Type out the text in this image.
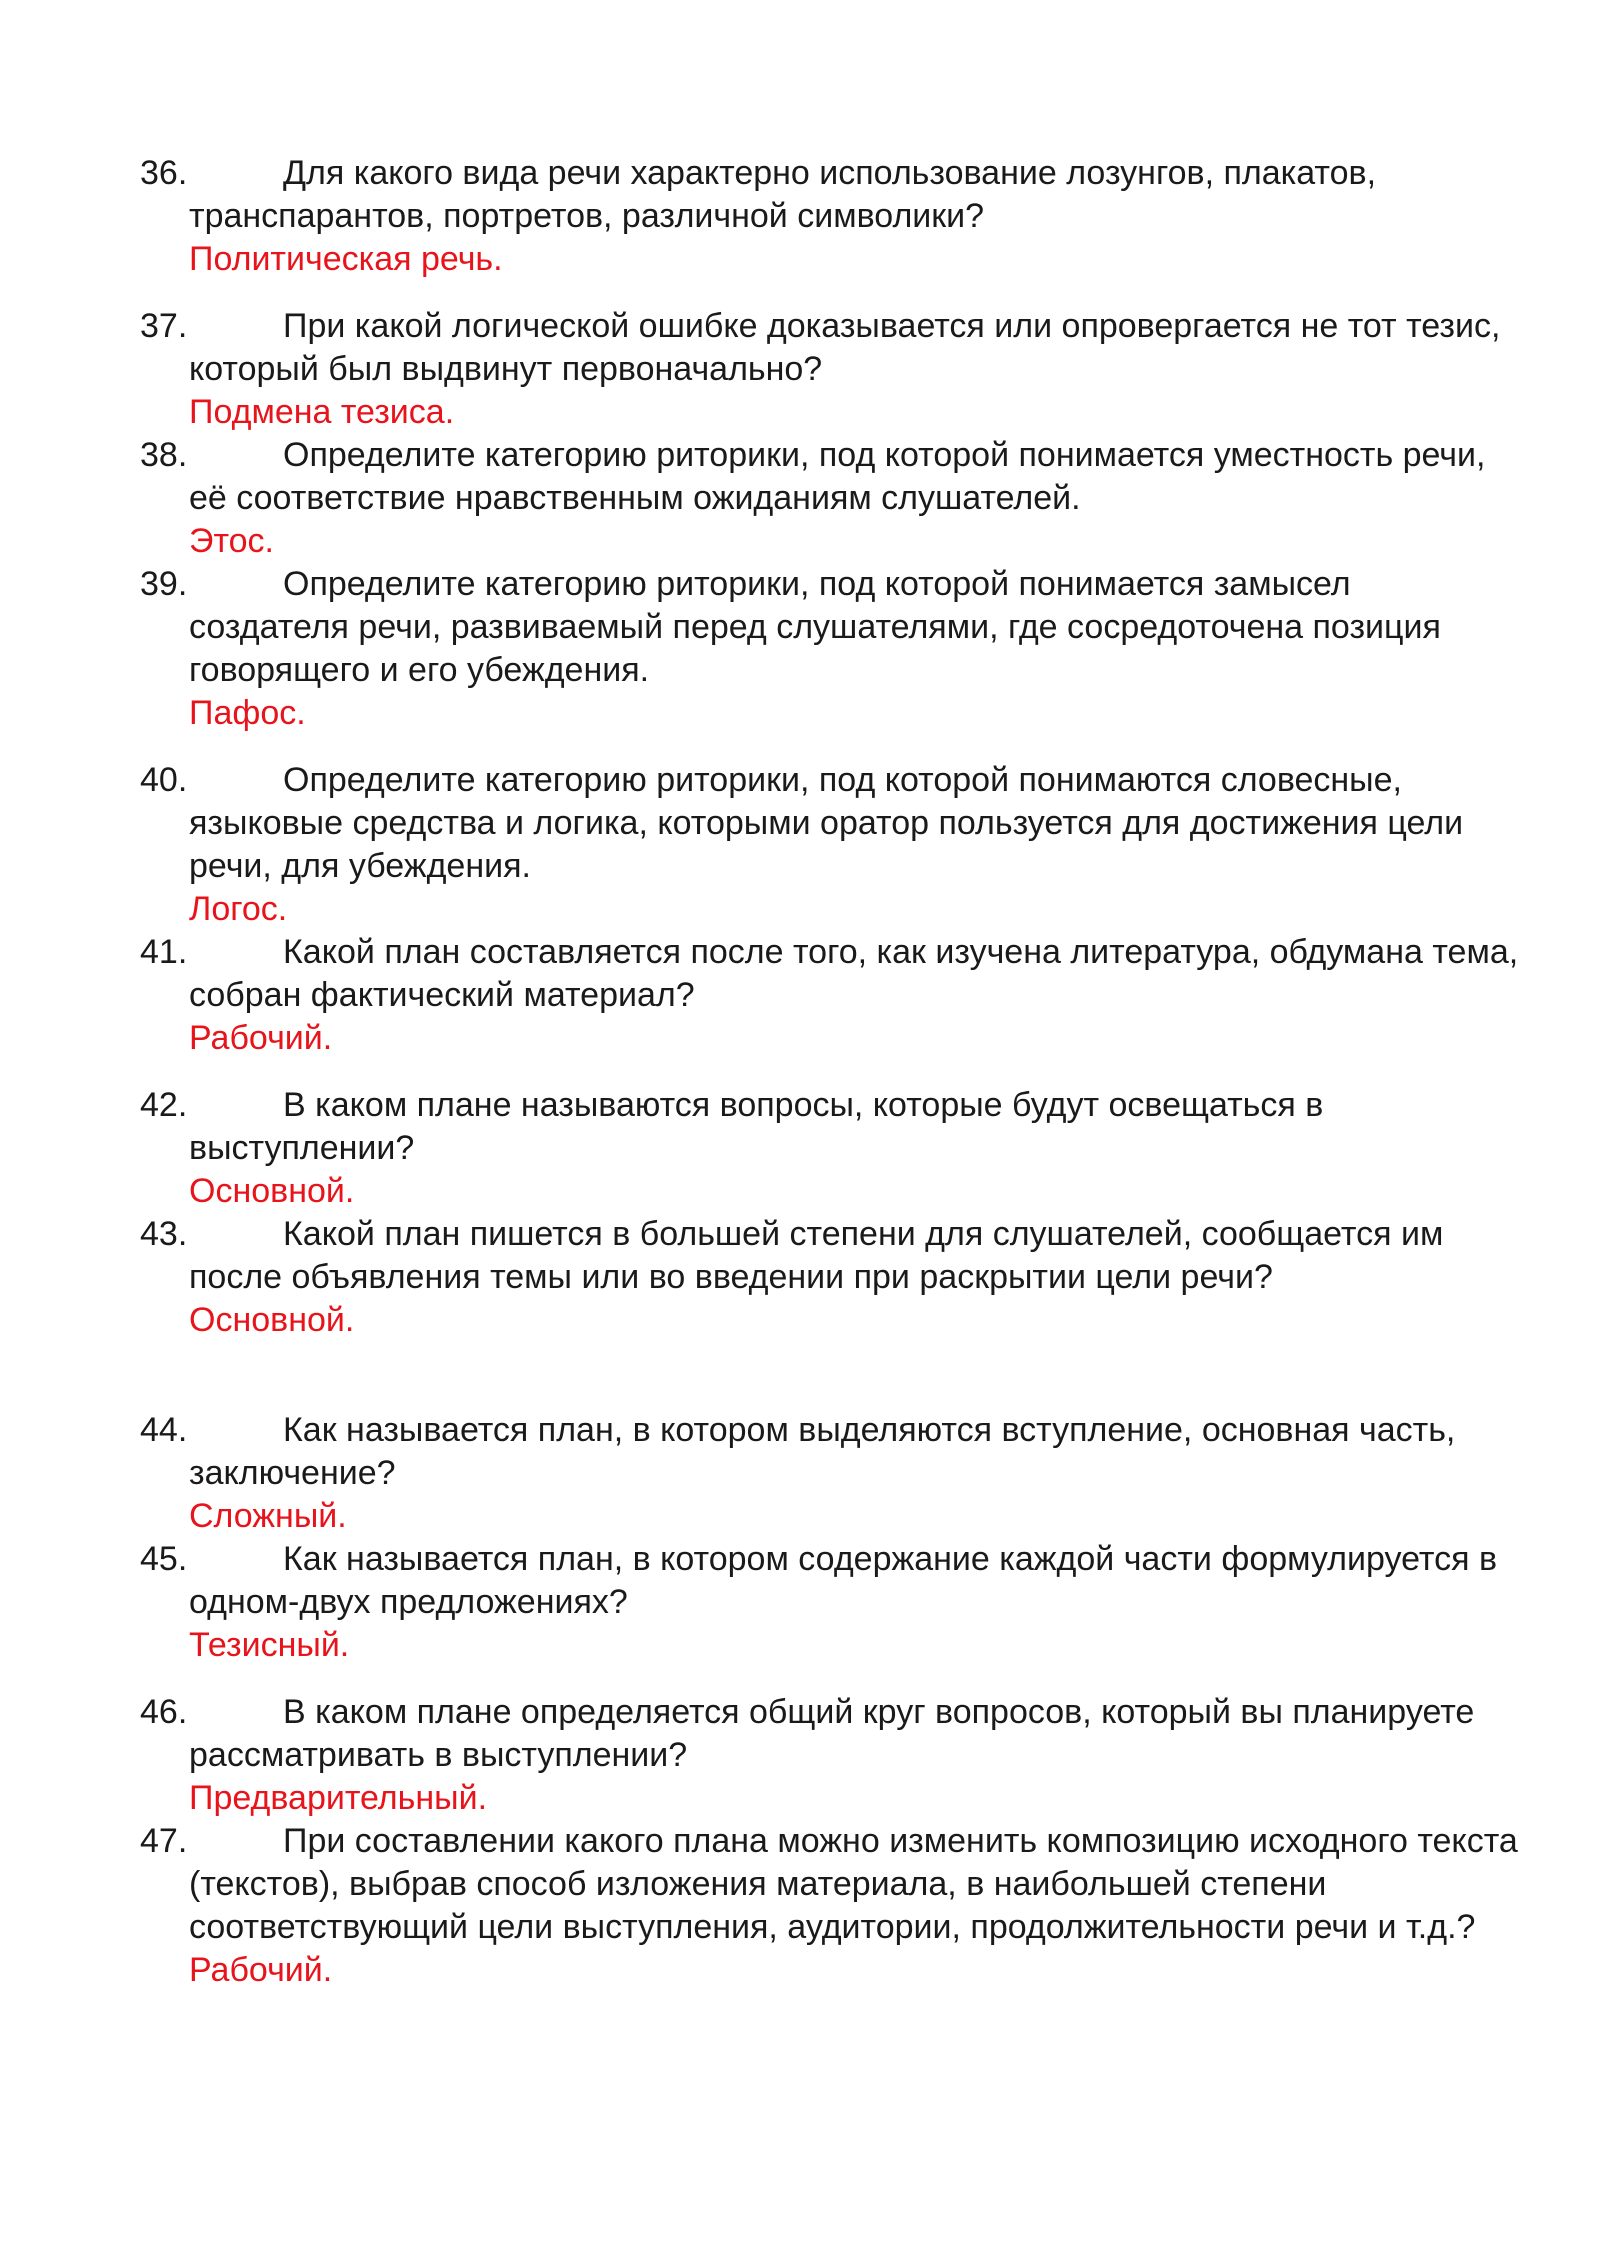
36.	Для какого вида речи характерно использование лозунгов, плакатов, транспарантов, портретов, различной символики?

Политическая речь.

37.	При какой логической ошибке доказывается или опровергается не тот тезис, который был выдвинут первоначально?

Подмена тезиса.

38.	Определите категорию риторики, под которой понимается уместность речи, её соответствие нравственным ожиданиям слушателей.

Этос.

39.	Определите категорию риторики, под которой понимается замысел создателя речи, развиваемый перед слушателями, где сосредоточена позиция говорящего и его убеждения.

Пафос.

40.	Определите категорию риторики, под которой понимаются словесные, языковые средства и логика, которыми оратор пользуется для достижения цели речи, для убеждения.

Логос.

41.	Какой план составляется после того, как изучена литература, обдумана тема, собран фактический материал?

Рабочий.

42.	В каком плане называются вопросы, которые будут освещаться в выступлении?

Основной.

43.	Какой план пишется в большей степени для слушателей, сообщается им после объявления темы или во введении при раскрытии цели речи?

Основной.

44.	Как называется план, в котором выделяются вступление, основная часть, заключение?

Сложный.

45.	Как называется план, в котором содержание каждой части формулируется в одном-двух предложениях?

Тезисный.

46.	В каком плане определяется общий круг вопросов, который вы планируете рассматривать в выступлении?

Предварительный.

47.	При составлении какого плана можно изменить композицию исходного текста (текстов), выбрав способ изложения материала, в наибольшей степени соответствующий цели выступления, аудитории, продолжительности речи и т.д.?

Рабочий.
